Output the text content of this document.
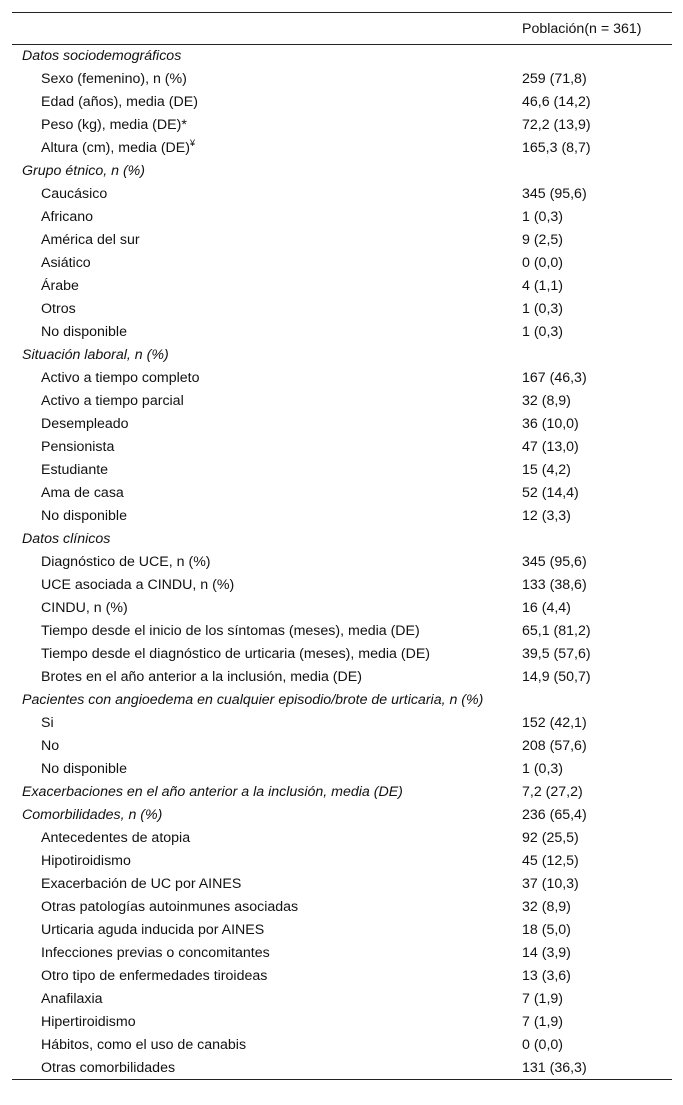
	Población(n = 361)
Datos sociodemográficos	
Sexo (femenino), n (%)	259 (71,8)
Edad (años), media (DE)	46,6 (14,2)
Peso (kg), media (DE)*	72,2 (13,9)
Altura (cm), media (DE)¥	165,3 (8,7)
Grupo étnico, n (%)	
Caucásico	345 (95,6)
Africano	1 (0,3)
América del sur	9 (2,5)
Asiático	0 (0,0)
Árabe	4 (1,1)
Otros	1 (0,3)
No disponible	1 (0,3)
Situación laboral, n (%)	
Activo a tiempo completo	167 (46,3)
Activo a tiempo parcial	32 (8,9)
Desempleado	36 (10,0)
Pensionista	47 (13,0)
Estudiante	15 (4,2)
Ama de casa	52 (14,4)
No disponible	12 (3,3)
Datos clínicos	
Diagnóstico de UCE, n (%)	345 (95,6)
UCE asociada a CINDU, n (%)	133 (38,6)
CINDU, n (%)	16 (4,4)
Tiempo desde el inicio de los síntomas (meses), media (DE)	65,1 (81,2)
Tiempo desde el diagnóstico de urticaria (meses), media (DE)	39,5 (57,6)
Brotes en el año anterior a la inclusión, media (DE)	14,9 (50,7)
Pacientes con angioedema en cualquier episodio/brote de urticaria, n (%)	
Si	152 (42,1)
No	208 (57,6)
No disponible	1 (0,3)
Exacerbaciones en el año anterior a la inclusión, media (DE)	7,2 (27,2)
Comorbilidades, n (%)	236 (65,4)
Antecedentes de atopia	92 (25,5)
Hipotiroidismo	45 (12,5)
Exacerbación de UC por AINES	37 (10,3)
Otras patologías autoinmunes asociadas	32 (8,9)
Urticaria aguda inducida por AINES	18 (5,0)
Infecciones previas o concomitantes	14 (3,9)
Otro tipo de enfermedades tiroideas	13 (3,6)
Anafilaxia	7 (1,9)
Hipertiroidismo	7 (1,9)
Hábitos, como el uso de canabis	0 (0,0)
Otras comorbilidades	131 (36,3)
